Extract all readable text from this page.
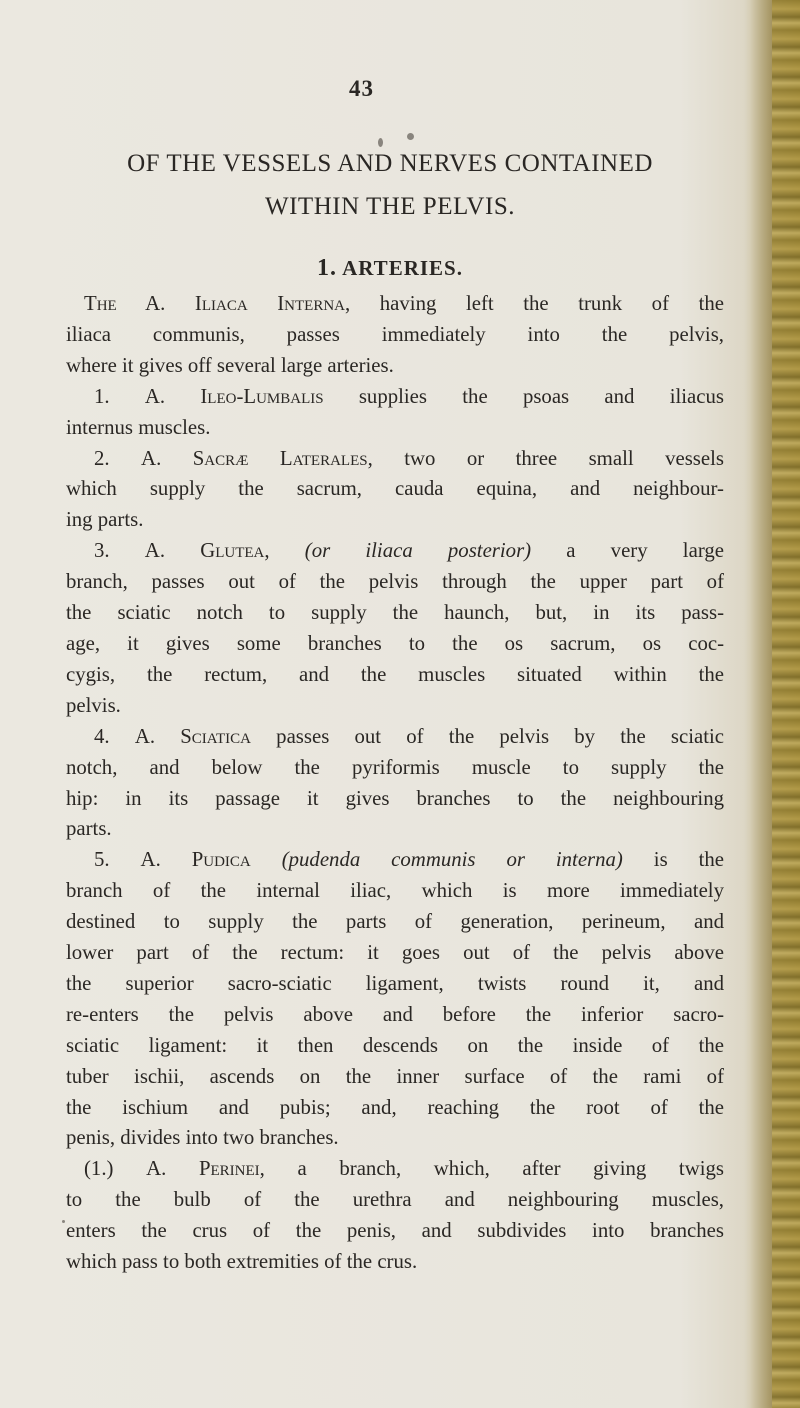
43
OF THE VESSELS AND NERVES CONTAINED
WITHIN THE PELVIS.
1. ARTERIES.
The A. Iliaca Interna, having left the trunk of the
iliaca communis, passes immediately into the pelvis,
where it gives off several large arteries.
1. A. Ileo-Lumbalis supplies the psoas and iliacus
internus muscles.
2. A. Sacræ Laterales, two or three small vessels
which supply the sacrum, cauda equina, and neighbour-
ing parts.
3. A. Glutea, (or iliaca posterior) a very large
branch, passes out of the pelvis through the upper part of
the sciatic notch to supply the haunch, but, in its pass-
age, it gives some branches to the os sacrum, os coc-
cygis, the rectum, and the muscles situated within the
pelvis.
4. A. Sciatica passes out of the pelvis by the sciatic
notch, and below the pyriformis muscle to supply the
hip: in its passage it gives branches to the neighbouring
parts.
5. A. Pudica (pudenda communis or interna) is the
branch of the internal iliac, which is more immediately
destined to supply the parts of generation, perineum, and
lower part of the rectum: it goes out of the pelvis above
the superior sacro-sciatic ligament, twists round it, and
re-enters the pelvis above and before the inferior sacro-
sciatic ligament: it then descends on the inside of the
tuber ischii, ascends on the inner surface of the rami of
the ischium and pubis; and, reaching the root of the
penis, divides into two branches.
(1.) A. Perinei, a branch, which, after giving twigs
to the bulb of the urethra and neighbouring muscles,
enters the crus of the penis, and subdivides into branches
which pass to both extremities of the crus.
